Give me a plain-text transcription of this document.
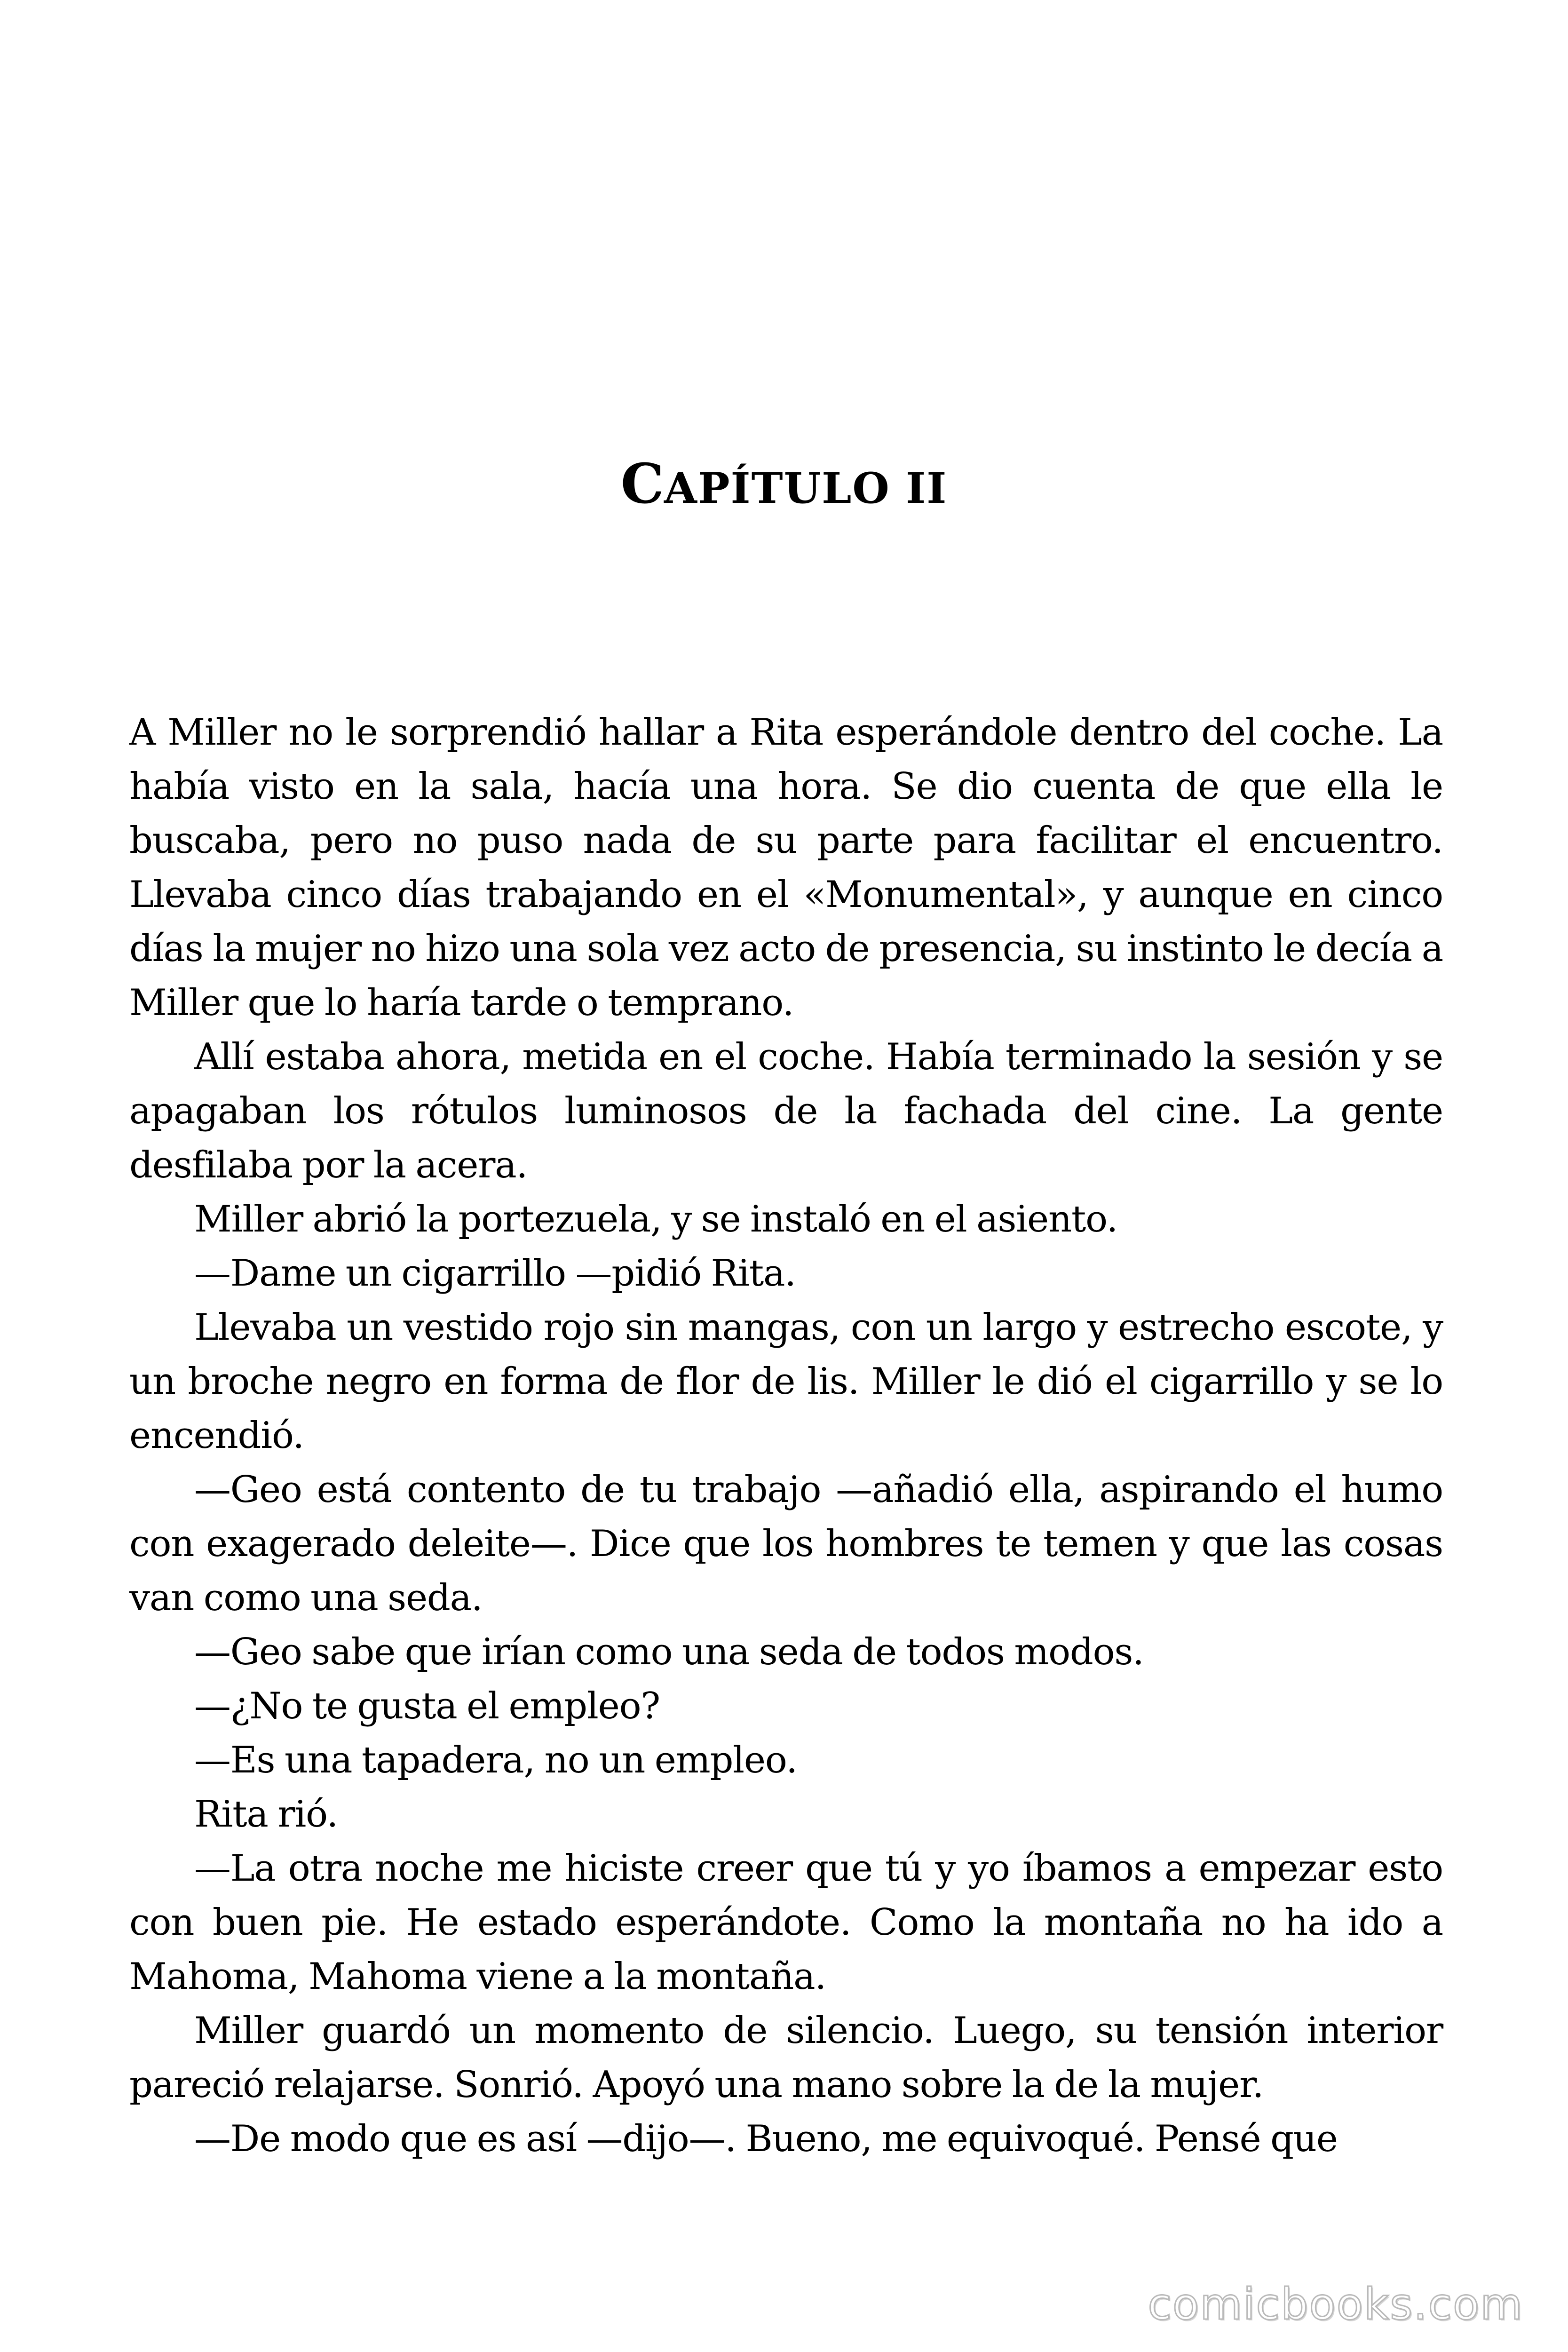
CAPÍTULO II

A Miller no le sorprendió hallar a Rita esperándole dentro del coche. La había visto en la sala, hacía una hora. Se dio cuenta de que ella le buscaba, pero no puso nada de su parte para facilitar el encuentro. Llevaba cinco días trabajando en el «Monumental», y aunque en cinco días la mujer no hizo una sola vez acto de presencia, su instinto le decía a Miller que lo haría tarde o temprano.

Allí estaba ahora, metida en el coche. Había terminado la sesión y se apagaban los rótulos luminosos de la fachada del cine. La gente desfilaba por la acera.

Miller abrió la portezuela, y se instaló en el asiento.

—Dame un cigarrillo —pidió Rita.

Llevaba un vestido rojo sin mangas, con un largo y estrecho escote, y un broche negro en forma de flor de lis. Miller le dió el cigarrillo y se lo encendió.

—Geo está contento de tu trabajo —añadió ella, aspirando el humo con exagerado deleite—. Dice que los hombres te temen y que las cosas van como una seda.

—Geo sabe que irían como una seda de todos modos.

—¿No te gusta el empleo?

—Es una tapadera, no un empleo.

Rita rió.

—La otra noche me hiciste creer que tú y yo íbamos a empezar esto con buen pie. He estado esperándote. Como la montaña no ha ido a Mahoma, Mahoma viene a la montaña.

Miller guardó un momento de silencio. Luego, su tensión interior pareció relajarse. Sonrió. Apoyó una mano sobre la de la mujer.

—De modo que es así —dijo—. Bueno, me equivoqué. Pensé que

comicbooks.com
